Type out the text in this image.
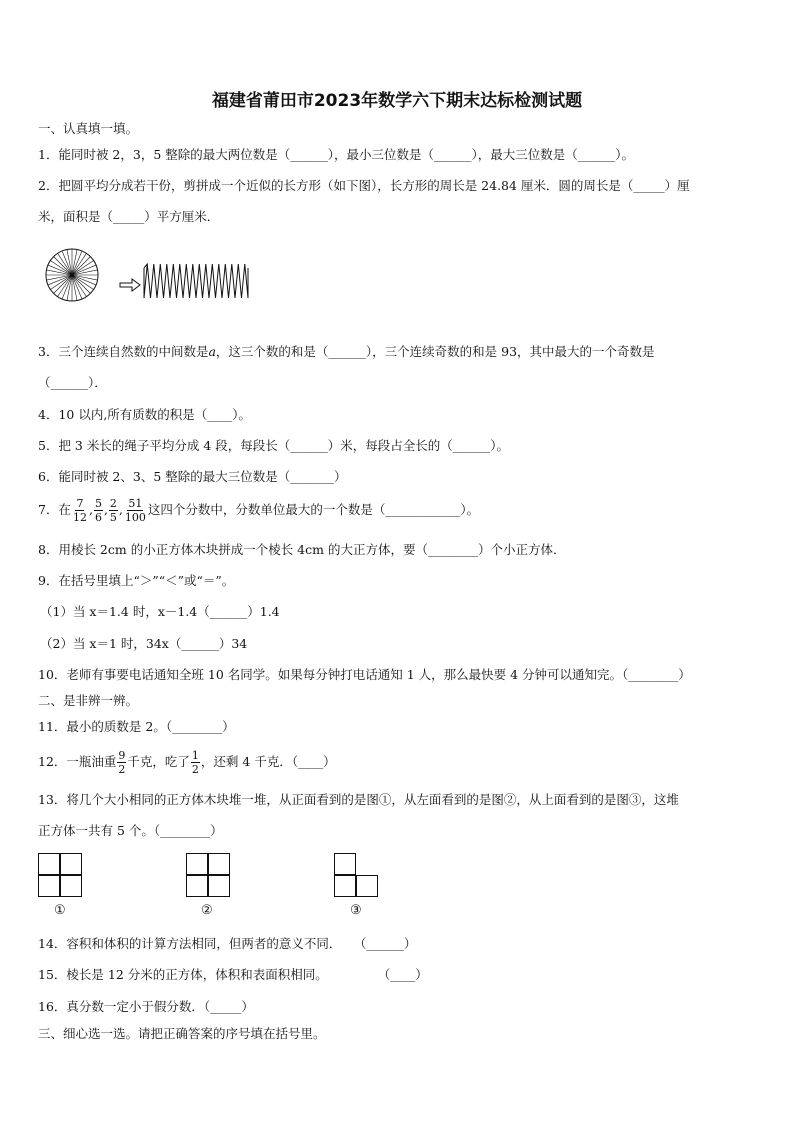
福建省莆田市2023年数学六下期末达标检测试题
一、认真填一填。
1．能同时被 2，3，5 整除的最大两位数是（______），最小三位数是（______），最大三位数是（______）。
2．把圆平均分成若干份，剪拼成一个近似的长方形（如下图），长方形的周长是 24.84 厘米．圆的周长是（_____）厘
米，面积是（_____）平方厘米．
3．三个连续自然数的中间数是a，这三个数的和是（______），三个连续奇数的和是 93，其中最大的一个奇数是
（______）．
4．10 以内,所有质数的积是（____）。
5．把 3 米长的绳子平均分成 4 段，每段长（______）米，每段占全长的（______）。
6．能同时被 2、3、5 整除的最大三位数是（_______）
7．在 $\frac{7}{12}$ , $\frac{5}{6}$ , $\frac{2}{5}$ , $\frac{51}{100}$ 这四个分数中，分数单位最大的一个数是（____________）。
8．用棱长 2cm 的小正方体木块拼成一个棱长 4cm 的大正方体，要（________）个小正方体．
9．在括号里填上“＞”“＜”或“＝”。
（1）当 x＝1.4 时，x－1.4（______）1.4
（2）当 x＝1 时，34x（______）34
10．老师有事要电话通知全班 10 名同学。如果每分钟打电话通知 1 人，那么最快要 4 分钟可以通知完。（________）
二、是非辨一辨。
11．最小的质数是 2。（________）
12．一瓶油重 $\frac{9}{2}$ 千克，吃了 $\frac{1}{2}$ ，还剩 4 千克．（____）
13．将几个大小相同的正方体木块堆一堆，从正面看到的是图①，从左面看到的是图②，从上面看到的是图③，这堆
正方体一共有 5 个。（________）
①	②	③
14．容积和体积的计算方法相同，但两者的意义不同．　　（______）
15．棱长是 12 分米的正方体，体积和表面积相同。　　　　　（____）
16．真分数一定小于假分数．（_____）
三、细心选一选。请把正确答案的序号填在括号里。
